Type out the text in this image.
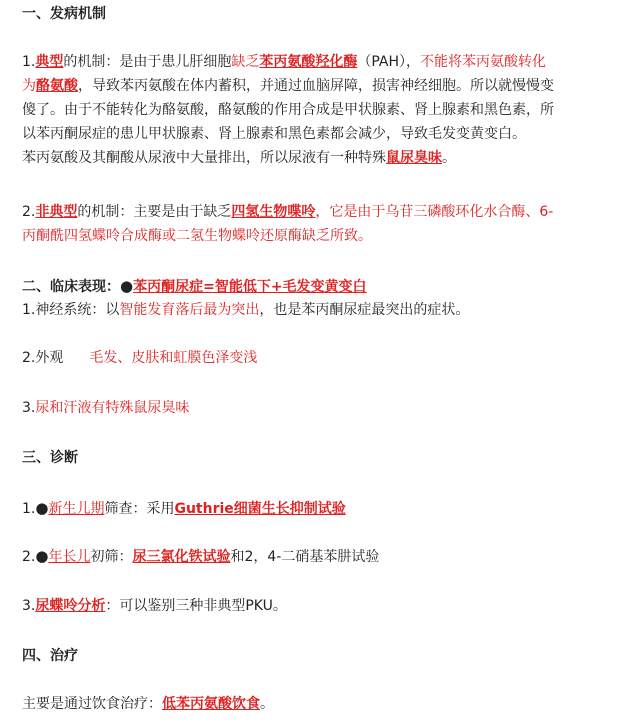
一、发病机制
1.典型的机制：是由于患儿肝细胞缺乏苯丙氨酸羟化酶（PAH），不能将苯丙氨酸转化
为酪氨酸，导致苯丙氨酸在体内蓄积，并通过血脑屏障，损害神经细胞。所以就慢慢变
傻了。由于不能转化为酪氨酸，酪氨酸的作用合成是甲状腺素、肾上腺素和黑色素，所
以苯丙酮尿症的患儿甲状腺素、肾上腺素和黑色素都会减少，导致毛发变黄变白。
苯丙氨酸及其酮酸从尿液中大量排出，所以尿液有一种特殊鼠尿臭味。
2.非典型的机制：主要是由于缺乏四氢生物喋呤，它是由于乌苷三磷酸环化水合酶、6-
丙酮酰四氢蝶呤合成酶或二氢生物蝶呤还原酶缺乏所致。
二、临床表现：●苯丙酮尿症=智能低下+毛发变黄变白
1.神经系统：以智能发育落后最为突出，也是苯丙酮尿症最突出的症状。
2.外观 毛发、皮肤和虹膜色泽变浅
3.尿和汗液有特殊鼠尿臭味
三、诊断
1.●新生儿期筛查：采用Guthrie细菌生长抑制试验
2.●年长儿初筛：尿三氯化铁试验和2，4-二硝基苯肼试验
3.尿蝶呤分析：可以鉴别三种非典型PKU。
四、治疗
主要是通过饮食治疗：低苯丙氨酸饮食。
